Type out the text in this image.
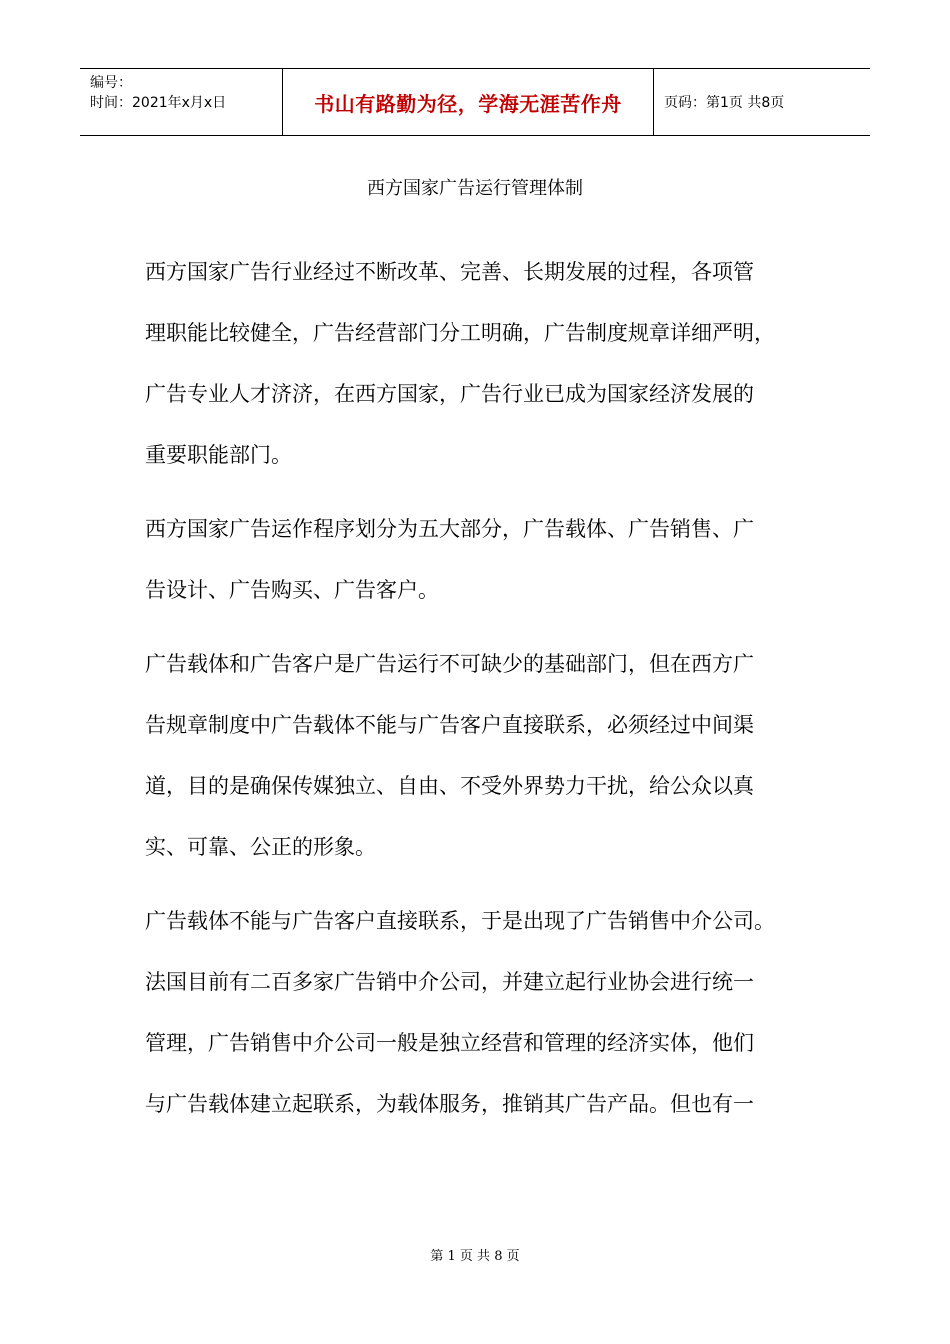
编号：
时间：2021年x月x日	书山有路勤为径，学海无涯苦作舟	页码：第1页 共8页
西方国家广告运行管理体制

西方国家广告行业经过不断改革、完善、长期发展的过程，各项管
理职能比较健全，广告经营部门分工明确，广告制度规章详细严明，
广告专业人才济济，在西方国家，广告行业已成为国家经济发展的
重要职能部门。

西方国家广告运作程序划分为五大部分，广告载体、广告销售、广
告设计、广告购买、广告客户。

广告载体和广告客户是广告运行不可缺少的基础部门，但在西方广
告规章制度中广告载体不能与广告客户直接联系，必须经过中间渠
道，目的是确保传媒独立、自由、不受外界势力干扰，给公众以真
实、可靠、公正的形象。

广告载体不能与广告客户直接联系，于是出现了广告销售中介公司。
法国目前有二百多家广告销中介公司，并建立起行业协会进行统一
管理，广告销售中介公司一般是独立经营和管理的经济实体，他们
与广告载体建立起联系，为载体服务，推销其广告产品。但也有一

第 1 页 共 8 页
